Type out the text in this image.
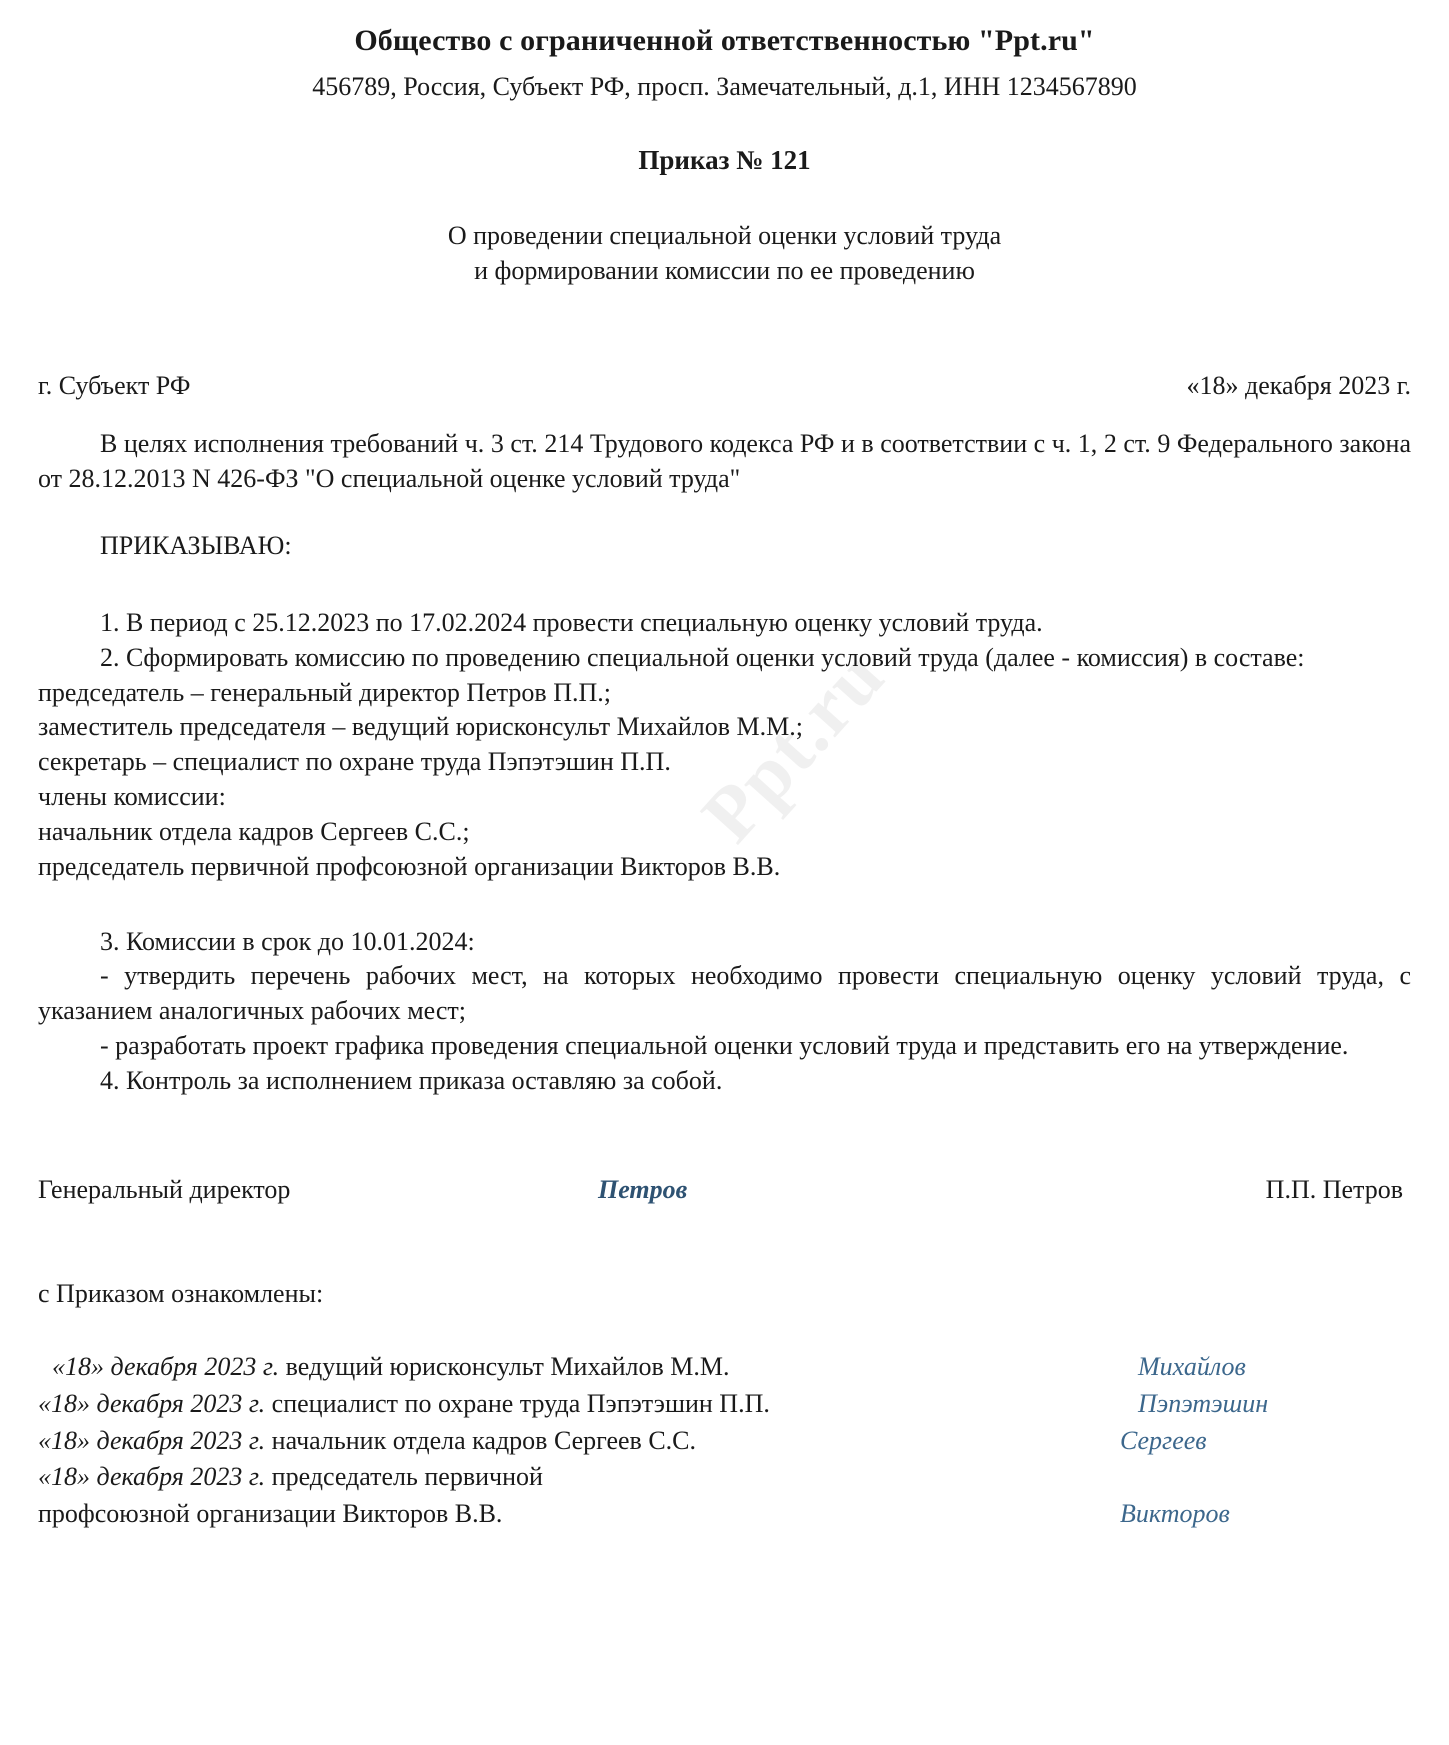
Ppt.ru
Общество с ограниченной ответственностью "Ppt.ru"
456789, Россия, Субъект РФ, просп. Замечательный, д.1, ИНН 1234567890
Приказ № 121
О проведении специальной оценки условий труда
и формировании комиссии по ее проведению
г. Субъект РФ	«18» декабря 2023 г.
В целях исполнения требований ч. 3 ст. 214 Трудового кодекса РФ и в соответствии с ч. 1, 2 ст. 9 Федерального закона от 28.12.2013 N 426-ФЗ "О специальной оценке условий труда"
ПРИКАЗЫВАЮ:
1. В период с 25.12.2023 по 17.02.2024 провести специальную оценку условий труда.
2. Сформировать комиссию по проведению специальной оценки условий труда (далее - комиссия) в составе:
председатель – генеральный директор Петров П.П.;
заместитель председателя – ведущий юрисконсульт Михайлов М.М.;
секретарь – специалист по охране труда Пэпэтэшин П.П.
члены комиссии:
начальник отдела кадров Сергеев С.С.;
председатель первичной профсоюзной организации Викторов В.В.
3. Комиссии в срок до 10.01.2024:
- утвердить перечень рабочих мест, на которых необходимо провести специальную оценку условий труда, с указанием аналогичных рабочих мест;
- разработать проект графика проведения специальной оценки условий труда и представить его на утверждение.
4. Контроль за исполнением приказа оставляю за собой.
Генеральный директор	Петров	П.П. Петров
с Приказом ознакомлены:
«18» декабря 2023 г. ведущий юрисконсульт Михайлов М.М.	Михайлов
«18» декабря 2023 г. специалист по охране труда Пэпэтэшин П.П.	Пэпэтэшин
«18» декабря 2023 г. начальник отдела кадров Сергеев С.С.	Сергеев
«18» декабря 2023 г. председатель первичной
профсоюзной организации Викторов В.В.	Викторов
